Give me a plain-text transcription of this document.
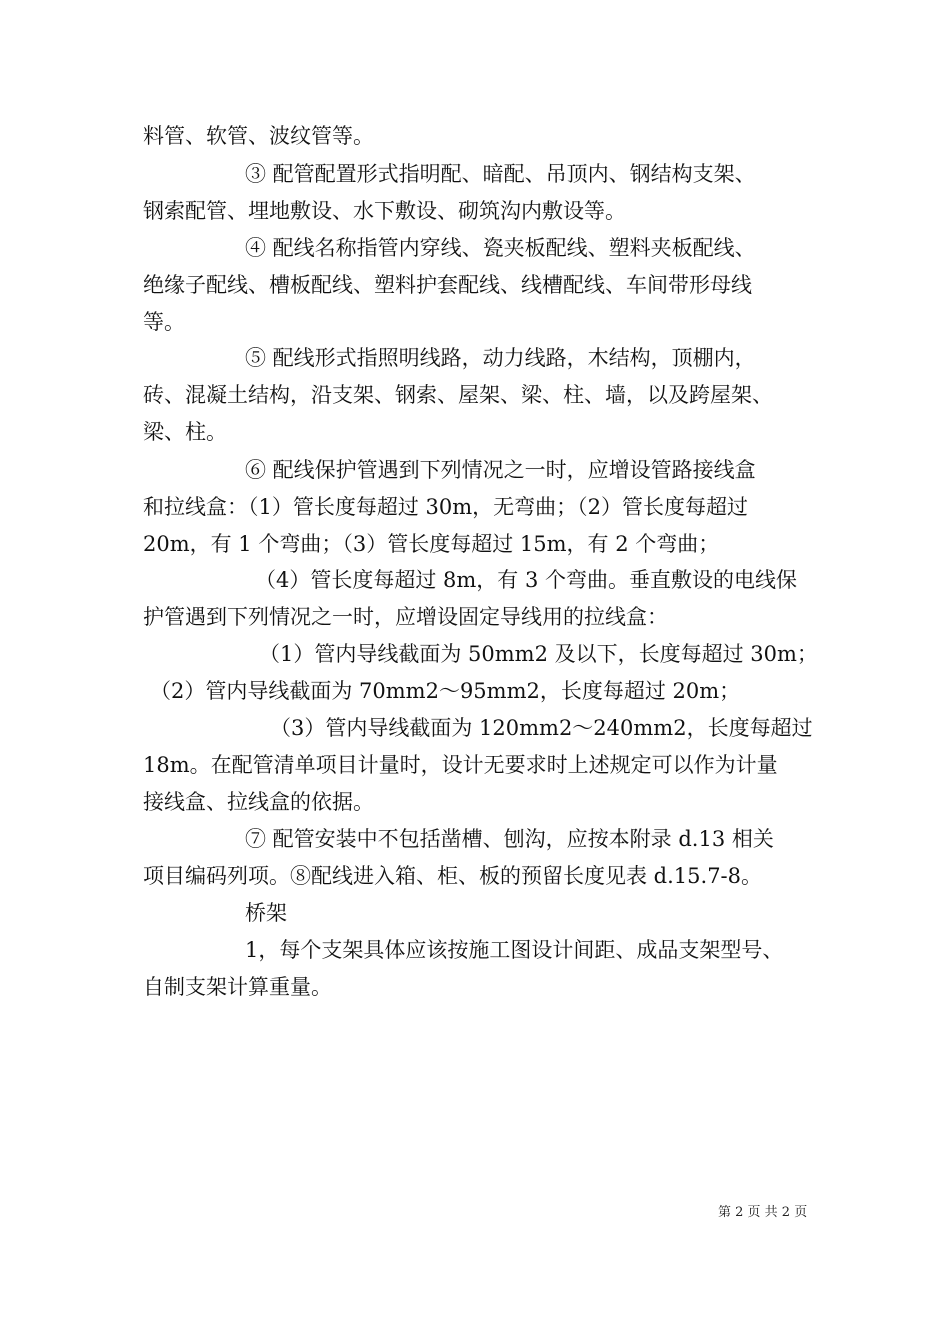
料管、软管、波纹管等。
③ 配管配置形式指明配、暗配、吊顶内、钢结构支架、
钢索配管、埋地敷设、水下敷设、砌筑沟内敷设等。
④ 配线名称指管内穿线、瓷夹板配线、塑料夹板配线、
绝缘子配线、槽板配线、塑料护套配线、线槽配线、车间带形母线
等。
⑤ 配线形式指照明线路，动力线路，木结构，顶棚内，
砖、混凝土结构，沿支架、钢索、屋架、梁、柱、墙，以及跨屋架、
梁、柱。
⑥ 配线保护管遇到下列情况之一时，应增设管路接线盒
和拉线盒：（1）管长度每超过 30m，无弯曲；（2）管长度每超过
20m，有 1 个弯曲；（3）管长度每超过 15m，有 2 个弯曲；
（4）管长度每超过 8m，有 3 个弯曲。垂直敷设的电线保
护管遇到下列情况之一时，应增设固定导线用的拉线盒：
（1）管内导线截面为 50mm2 及以下，长度每超过 30m；
（2）管内导线截面为 70mm2～95mm2，长度每超过 20m；
（3）管内导线截面为 120mm2～240mm2，长度每超过
18m。在配管清单项目计量时，设计无要求时上述规定可以作为计量
接线盒、拉线盒的依据。
⑦ 配管安装中不包括凿槽、刨沟，应按本附录 d.13 相关
项目编码列项。⑧配线进入箱、柜、板的预留长度见表 d.15.7-8。
桥架
1，每个支架具体应该按施工图设计间距、成品支架型号、
自制支架计算重量。
第 2 页 共 2 页
